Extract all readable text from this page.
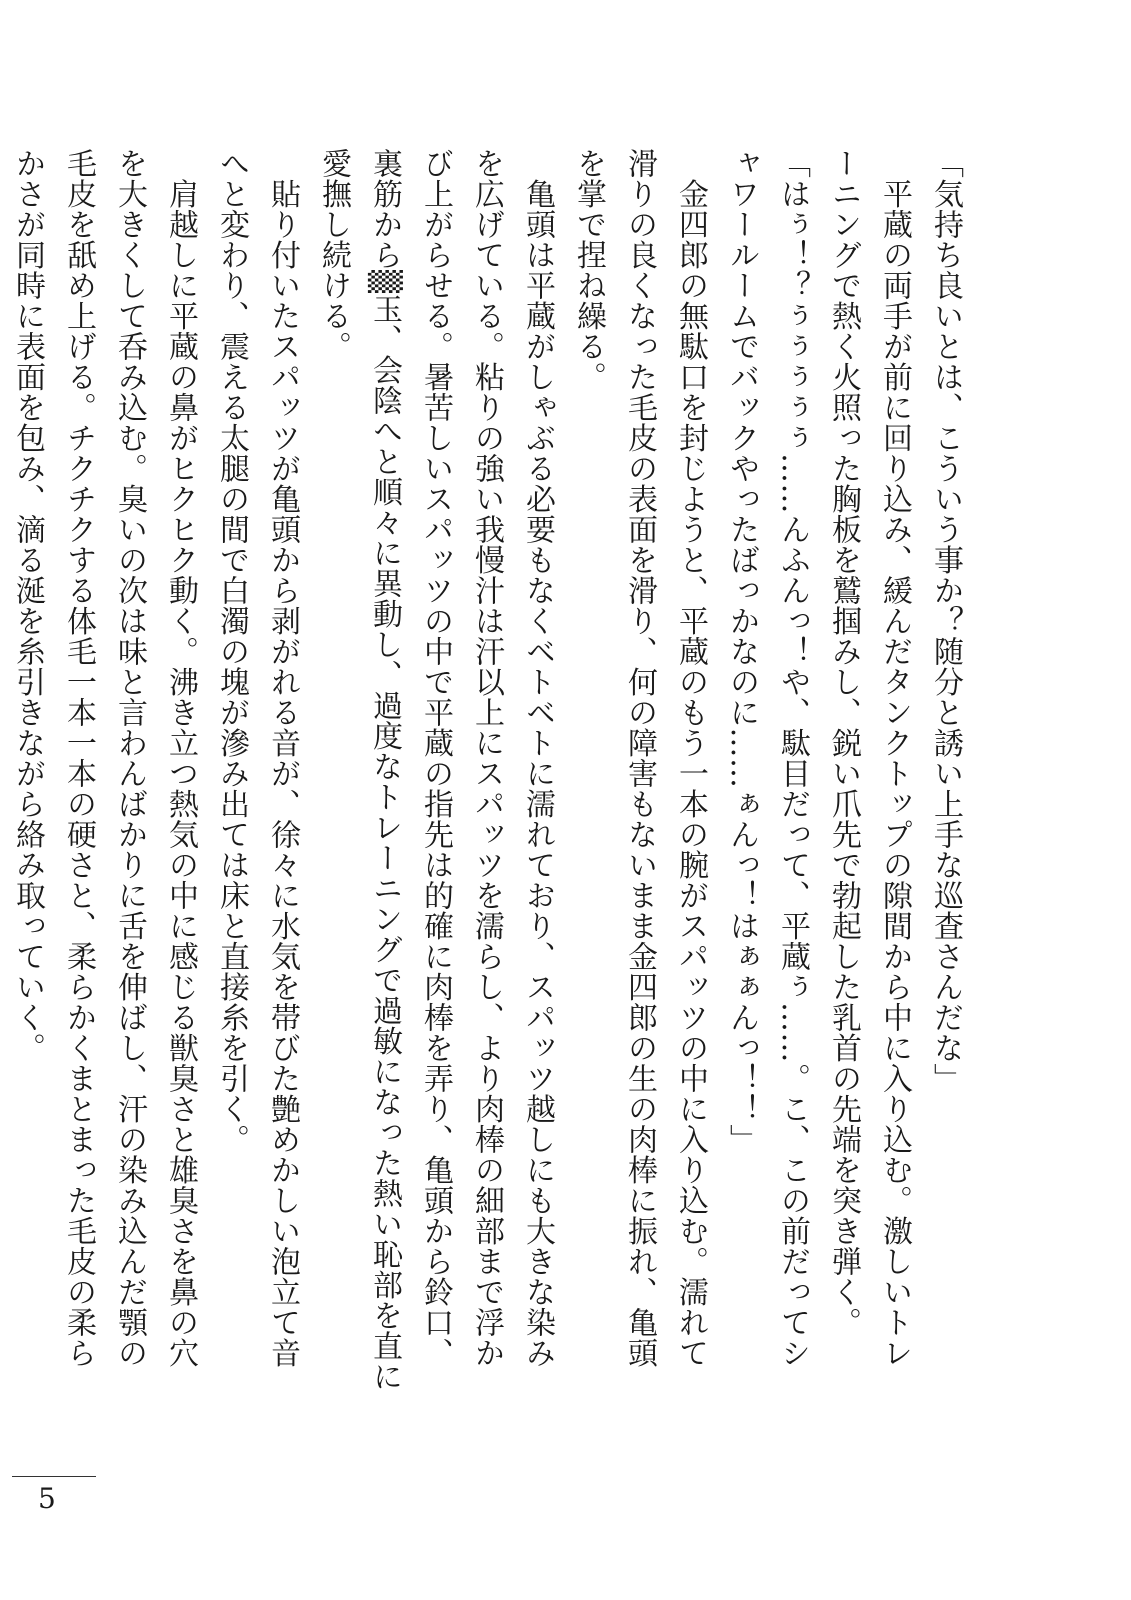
「気持ち良いとは、こういう事か？随分と誘い上手な巡査さんだな」

　平蔵の両手が前に回り込み、緩んだタンクトップの隙間から中に入り込む。激しいトレーニングで熱く火照った胸板を鷲掴みし、鋭い爪先で勃起した乳首の先端を突き弾く。

「はぅ！？ぅぅぅぅぅ……んふんっ！や、駄目だって、平蔵ぅ……。こ、この前だってシャワールームでバックやったばっかなのに……ぁんっ！はぁぁんっ！！」

　金四郎の無駄口を封じようと、平蔵のもう一本の腕がスパッツの中に入り込む。濡れて滑りの良くなった毛皮の表面を滑り、何の障害もないまま金四郎の生の肉棒に振れ、亀頭を掌で捏ね繰る。

　亀頭は平蔵がしゃぶる必要もなくベトベトに濡れており、スパッツ越しにも大きな染みを広げている。粘りの強い我慢汁は汗以上にスパッツを濡らし、より肉棒の細部まで浮かび上がらせる。暑苦しいスパッツの中で平蔵の指先は的確に肉棒を弄り、亀頭から鈴口、裏筋から▒玉、会陰へと順々に異動し、過度なトレーニングで過敏になった熱い恥部を直に愛撫し続ける。

　貼り付いたスパッツが亀頭から剥がれる音が、徐々に水気を帯びた艶めかしい泡立て音へと変わり、震える太腿の間で白濁の塊が滲み出ては床と直接糸を引く。

　肩越しに平蔵の鼻がヒクヒク動く。沸き立つ熱気の中に感じる獣臭さと雄臭さを鼻の穴を大きくして呑み込む。臭いの次は味と言わんばかりに舌を伸ばし、汗の染み込んだ顎の毛皮を舐め上げる。チクチクする体毛一本一本の硬さと、柔らかくまとまった毛皮の柔らかさが同時に表面を包み、滴る涎を糸引きながら絡み取っていく。

5
